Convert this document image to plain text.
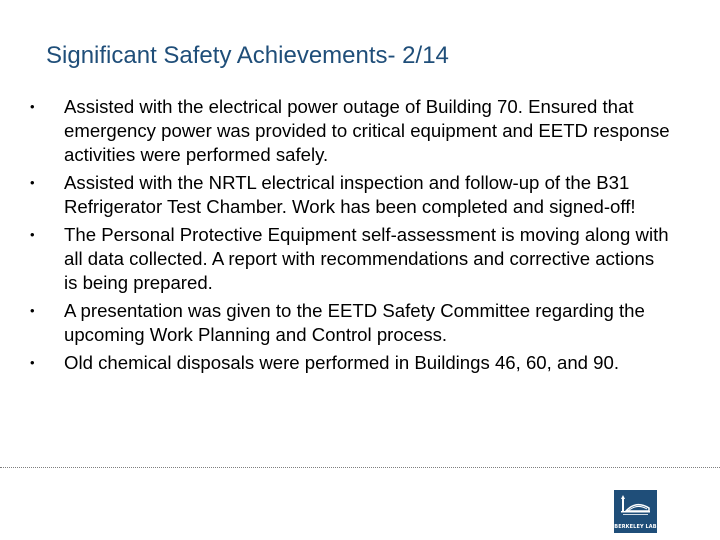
Significant Safety Achievements- 2/14
• Assisted with the electrical power outage of Building 70. Ensured that emergency power was provided to critical equipment and EETD response activities were performed safely.
• Assisted with the NRTL electrical inspection and follow-up of the B31 Refrigerator Test Chamber. Work has been completed and signed-off!
• The Personal Protective Equipment self-assessment is moving along with all data collected. A report with recommendations and corrective actions is being prepared.
• A presentation was given to the EETD Safety Committee regarding the upcoming Work Planning and Control process.
• Old chemical disposals were performed in Buildings 46, 60, and 90.
BERKELEY LAB
